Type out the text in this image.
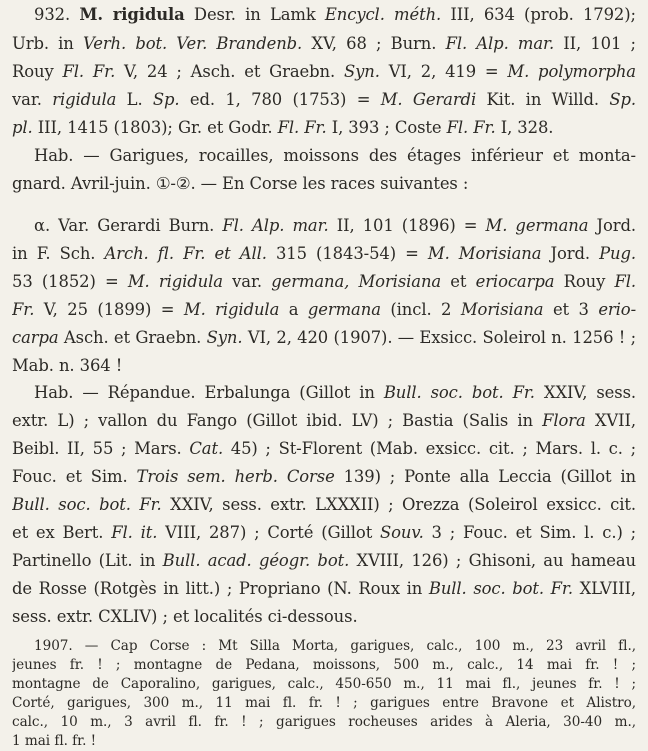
932. M. rigidula Desr. in Lamk Encycl. méth. III, 634 (prob. 1792);
Urb. in Verh. bot. Ver. Brandenb. XV, 68 ; Burn. Fl. Alp. mar. II, 101 ;
Rouy Fl. Fr. V, 24 ; Asch. et Graebn. Syn. VI, 2, 419 = M. polymorpha
var. rigidula L. Sp. ed. 1, 780 (1753) = M. Gerardi Kit. in Willd. Sp.
pl. III, 1415 (1803); Gr. et Godr. Fl. Fr. I, 393 ; Coste Fl. Fr. I, 328.
Hab. — Garigues, rocailles, moissons des étages inférieur et monta-
gnard. Avril-juin. ①-②. — En Corse les races suivantes :
α. Var. Gerardi Burn. Fl. Alp. mar. II, 101 (1896) = M. germana Jord.
in F. Sch. Arch. fl. Fr. et All. 315 (1843-54) = M. Morisiana Jord. Pug.
53 (1852) = M. rigidula var. germana, Morisiana et eriocarpa Rouy Fl.
Fr. V, 25 (1899) = M. rigidula a germana (incl. 2 Morisiana et 3 erio-
carpa Asch. et Graebn. Syn. VI, 2, 420 (1907). — Exsicc. Soleirol n. 1256 ! ;
Mab. n. 364 !
Hab. — Répandue. Erbalunga (Gillot in Bull. soc. bot. Fr. XXIV, sess.
extr. L) ; vallon du Fango (Gillot ibid. LV) ; Bastia (Salis in Flora XVII,
Beibl. II, 55 ; Mars. Cat. 45) ; St-Florent (Mab. exsicc. cit. ; Mars. l. c. ;
Fouc. et Sim. Trois sem. herb. Corse 139) ; Ponte alla Leccia (Gillot in
Bull. soc. bot. Fr. XXIV, sess. extr. LXXXII) ; Orezza (Soleirol exsicc. cit.
et ex Bert. Fl. it. VIII, 287) ; Corté (Gillot Souv. 3 ; Fouc. et Sim. l. c.) ;
Partinello (Lit. in Bull. acad. géogr. bot. XVIII, 126) ; Ghisoni, au hameau
de Rosse (Rotgès in litt.) ; Propriano (N. Roux in Bull. soc. bot. Fr. XLVIII,
sess. extr. CXLIV) ; et localités ci-dessous.
1907. — Cap Corse : Mt Silla Morta, garigues, calc., 100 m., 23 avril fl.,
jeunes fr. ! ; montagne de Pedana, moissons, 500 m., calc., 14 mai fr. ! ;
montagne de Caporalino, garigues, calc., 450-650 m., 11 mai fl., jeunes fr. ! ;
Corté, garigues, 300 m., 11 mai fl. fr. ! ; garigues entre Bravone et Alistro,
calc., 10 m., 3 avril fl. fr. ! ; garigues rocheuses arides à Aleria, 30-40 m.,
1 mai fl. fr. !
